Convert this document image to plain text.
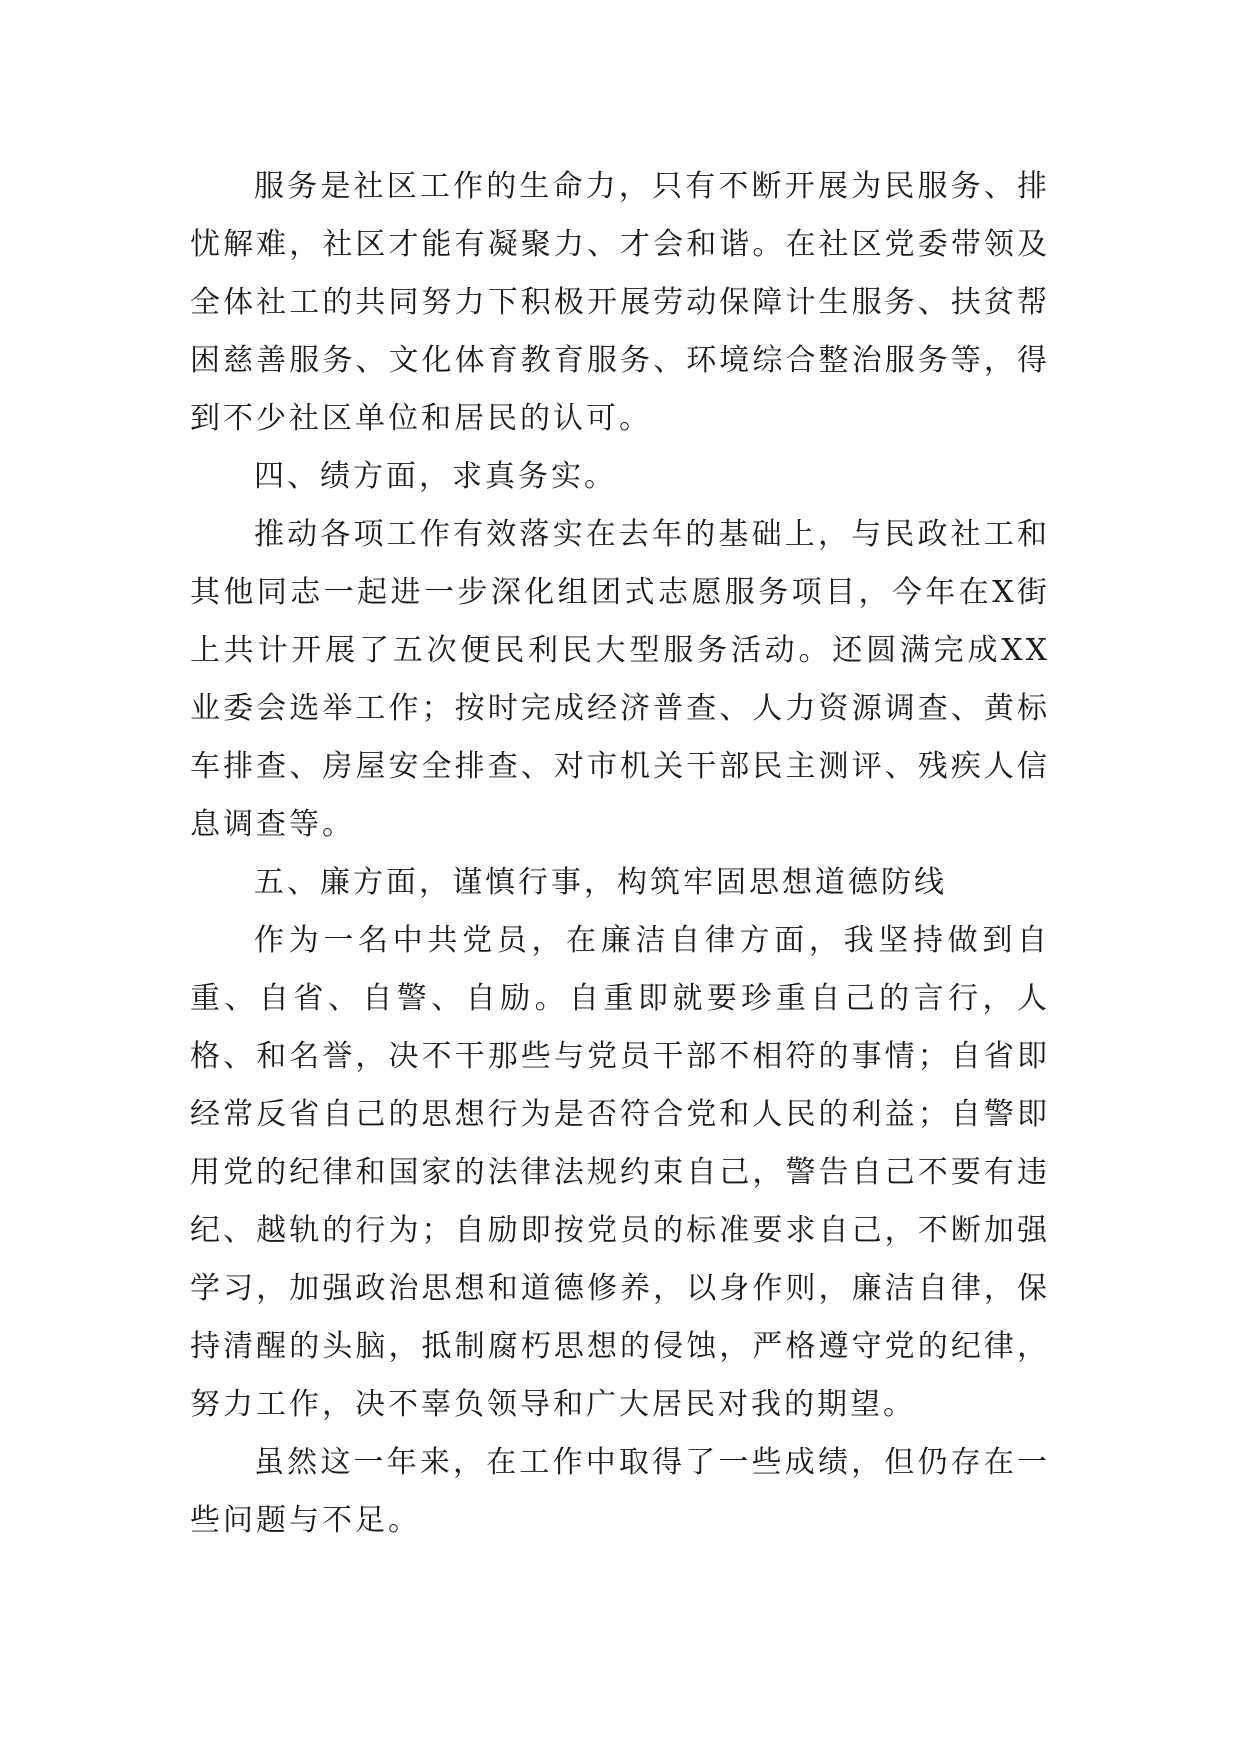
服务是社区工作的生命力，只有不断开展为民服务、排忧解难，社区才能有凝聚力、才会和谐。在社区党委带领及全体社工的共同努力下积极开展劳动保障计生服务、扶贫帮困慈善服务、文化体育教育服务、环境综合整治服务等，得到不少社区单位和居民的认可。

四、绩方面，求真务实。

推动各项工作有效落实在去年的基础上，与民政社工和其他同志一起进一步深化组团式志愿服务项目，今年在X街上共计开展了五次便民利民大型服务活动。还圆满完成XX业委会选举工作；按时完成经济普查、人力资源调查、黄标车排查、房屋安全排查、对市机关干部民主测评、残疾人信息调查等。

五、廉方面，谨慎行事，构筑牢固思想道德防线

作为一名中共党员，在廉洁自律方面，我坚持做到自重、自省、自警、自励。自重即就要珍重自己的言行，人格、和名誉，决不干那些与党员干部不相符的事情；自省即经常反省自己的思想行为是否符合党和人民的利益；自警即用党的纪律和国家的法律法规约束自己，警告自己不要有违纪、越轨的行为；自励即按党员的标准要求自己，不断加强学习，加强政治思想和道德修养，以身作则，廉洁自律，保持清醒的头脑，抵制腐朽思想的侵蚀，严格遵守党的纪律，努力工作，决不辜负领导和广大居民对我的期望。

虽然这一年来，在工作中取得了一些成绩，但仍存在一些问题与不足。
